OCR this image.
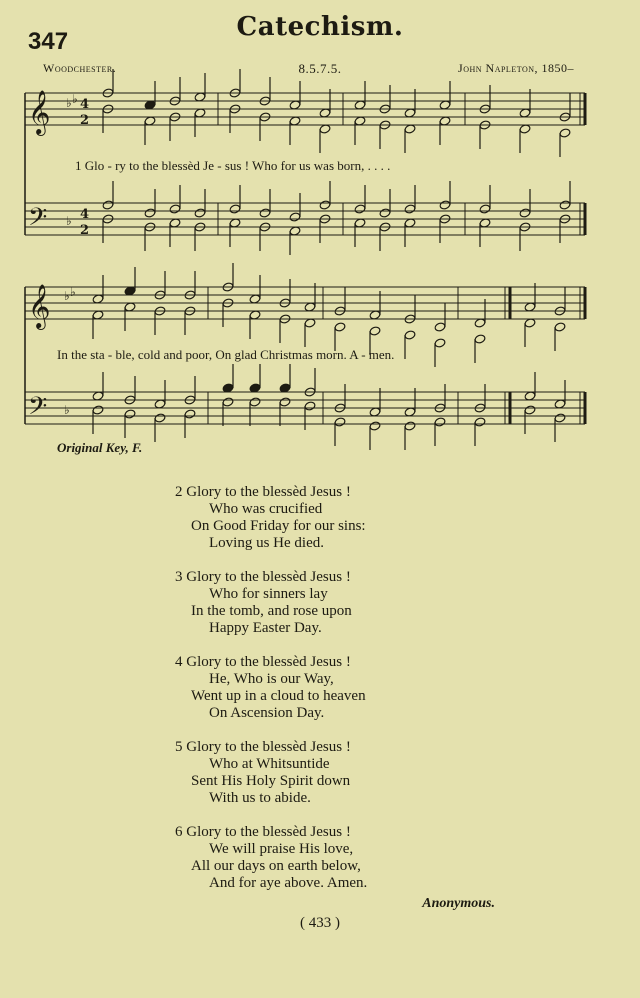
347	Catechism.
Woodchester.	8.5.7.5.	John Napleton, 1850–
𝄞
𝄢
𝄞
𝄢
♭ ♭
♭
♭ ♭
♭
4
2
4
2
1 Glo - ry to the blessèd Je - sus ! Who for us was born, . . . .
In the sta - ble, cold and poor, On glad Christmas morn. A - men.
Original Key, F.
2 Glory to the blessèd Jesus !
Who was crucified
On Good Friday for our sins:
Loving us He died.
3 Glory to the blessèd Jesus !
Who for sinners lay
In the tomb, and rose upon
Happy Easter Day.
4 Glory to the blessèd Jesus !
He, Who is our Way,
Went up in a cloud to heaven
On Ascension Day.
5 Glory to the blessèd Jesus !
Who at Whitsuntide
Sent His Holy Spirit down
With us to abide.
6 Glory to the blessèd Jesus !
We will praise His love,
All our days on earth below,
And for aye above. Amen.
Anonymous.
( 433 )
